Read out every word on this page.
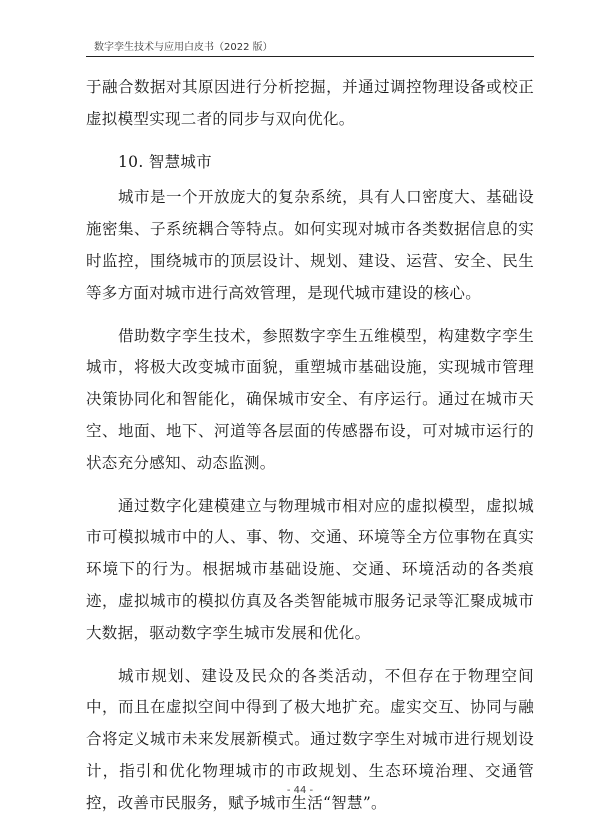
数字孪生技术与应用白皮书（2022 版）

于融合数据对其原因进行分析挖掘，并通过调控物理设备或校正虚拟模型实现二者的同步与双向优化。

10. 智慧城市

城市是一个开放庞大的复杂系统，具有人口密度大、基础设施密集、子系统耦合等特点。如何实现对城市各类数据信息的实时监控，围绕城市的顶层设计、规划、建设、运营、安全、民生等多方面对城市进行高效管理，是现代城市建设的核心。

借助数字孪生技术，参照数字孪生五维模型，构建数字孪生城市，将极大改变城市面貌，重塑城市基础设施，实现城市管理决策协同化和智能化，确保城市安全、有序运行。通过在城市天空、地面、地下、河道等各层面的传感器布设，可对城市运行的状态充分感知、动态监测。

通过数字化建模建立与物理城市相对应的虚拟模型，虚拟城市可模拟城市中的人、事、物、交通、环境等全方位事物在真实环境下的行为。根据城市基础设施、交通、环境活动的各类痕迹，虚拟城市的模拟仿真及各类智能城市服务记录等汇聚成城市大数据，驱动数字孪生城市发展和优化。

城市规划、建设及民众的各类活动，不但存在于物理空间中，而且在虚拟空间中得到了极大地扩充。虚实交互、协同与融合将定义城市未来发展新模式。通过数字孪生对城市进行规划设计，指引和优化物理城市的市政规划、生态环境治理、交通管控，改善市民服务，赋予城市生活“智慧”。

- 44 -
